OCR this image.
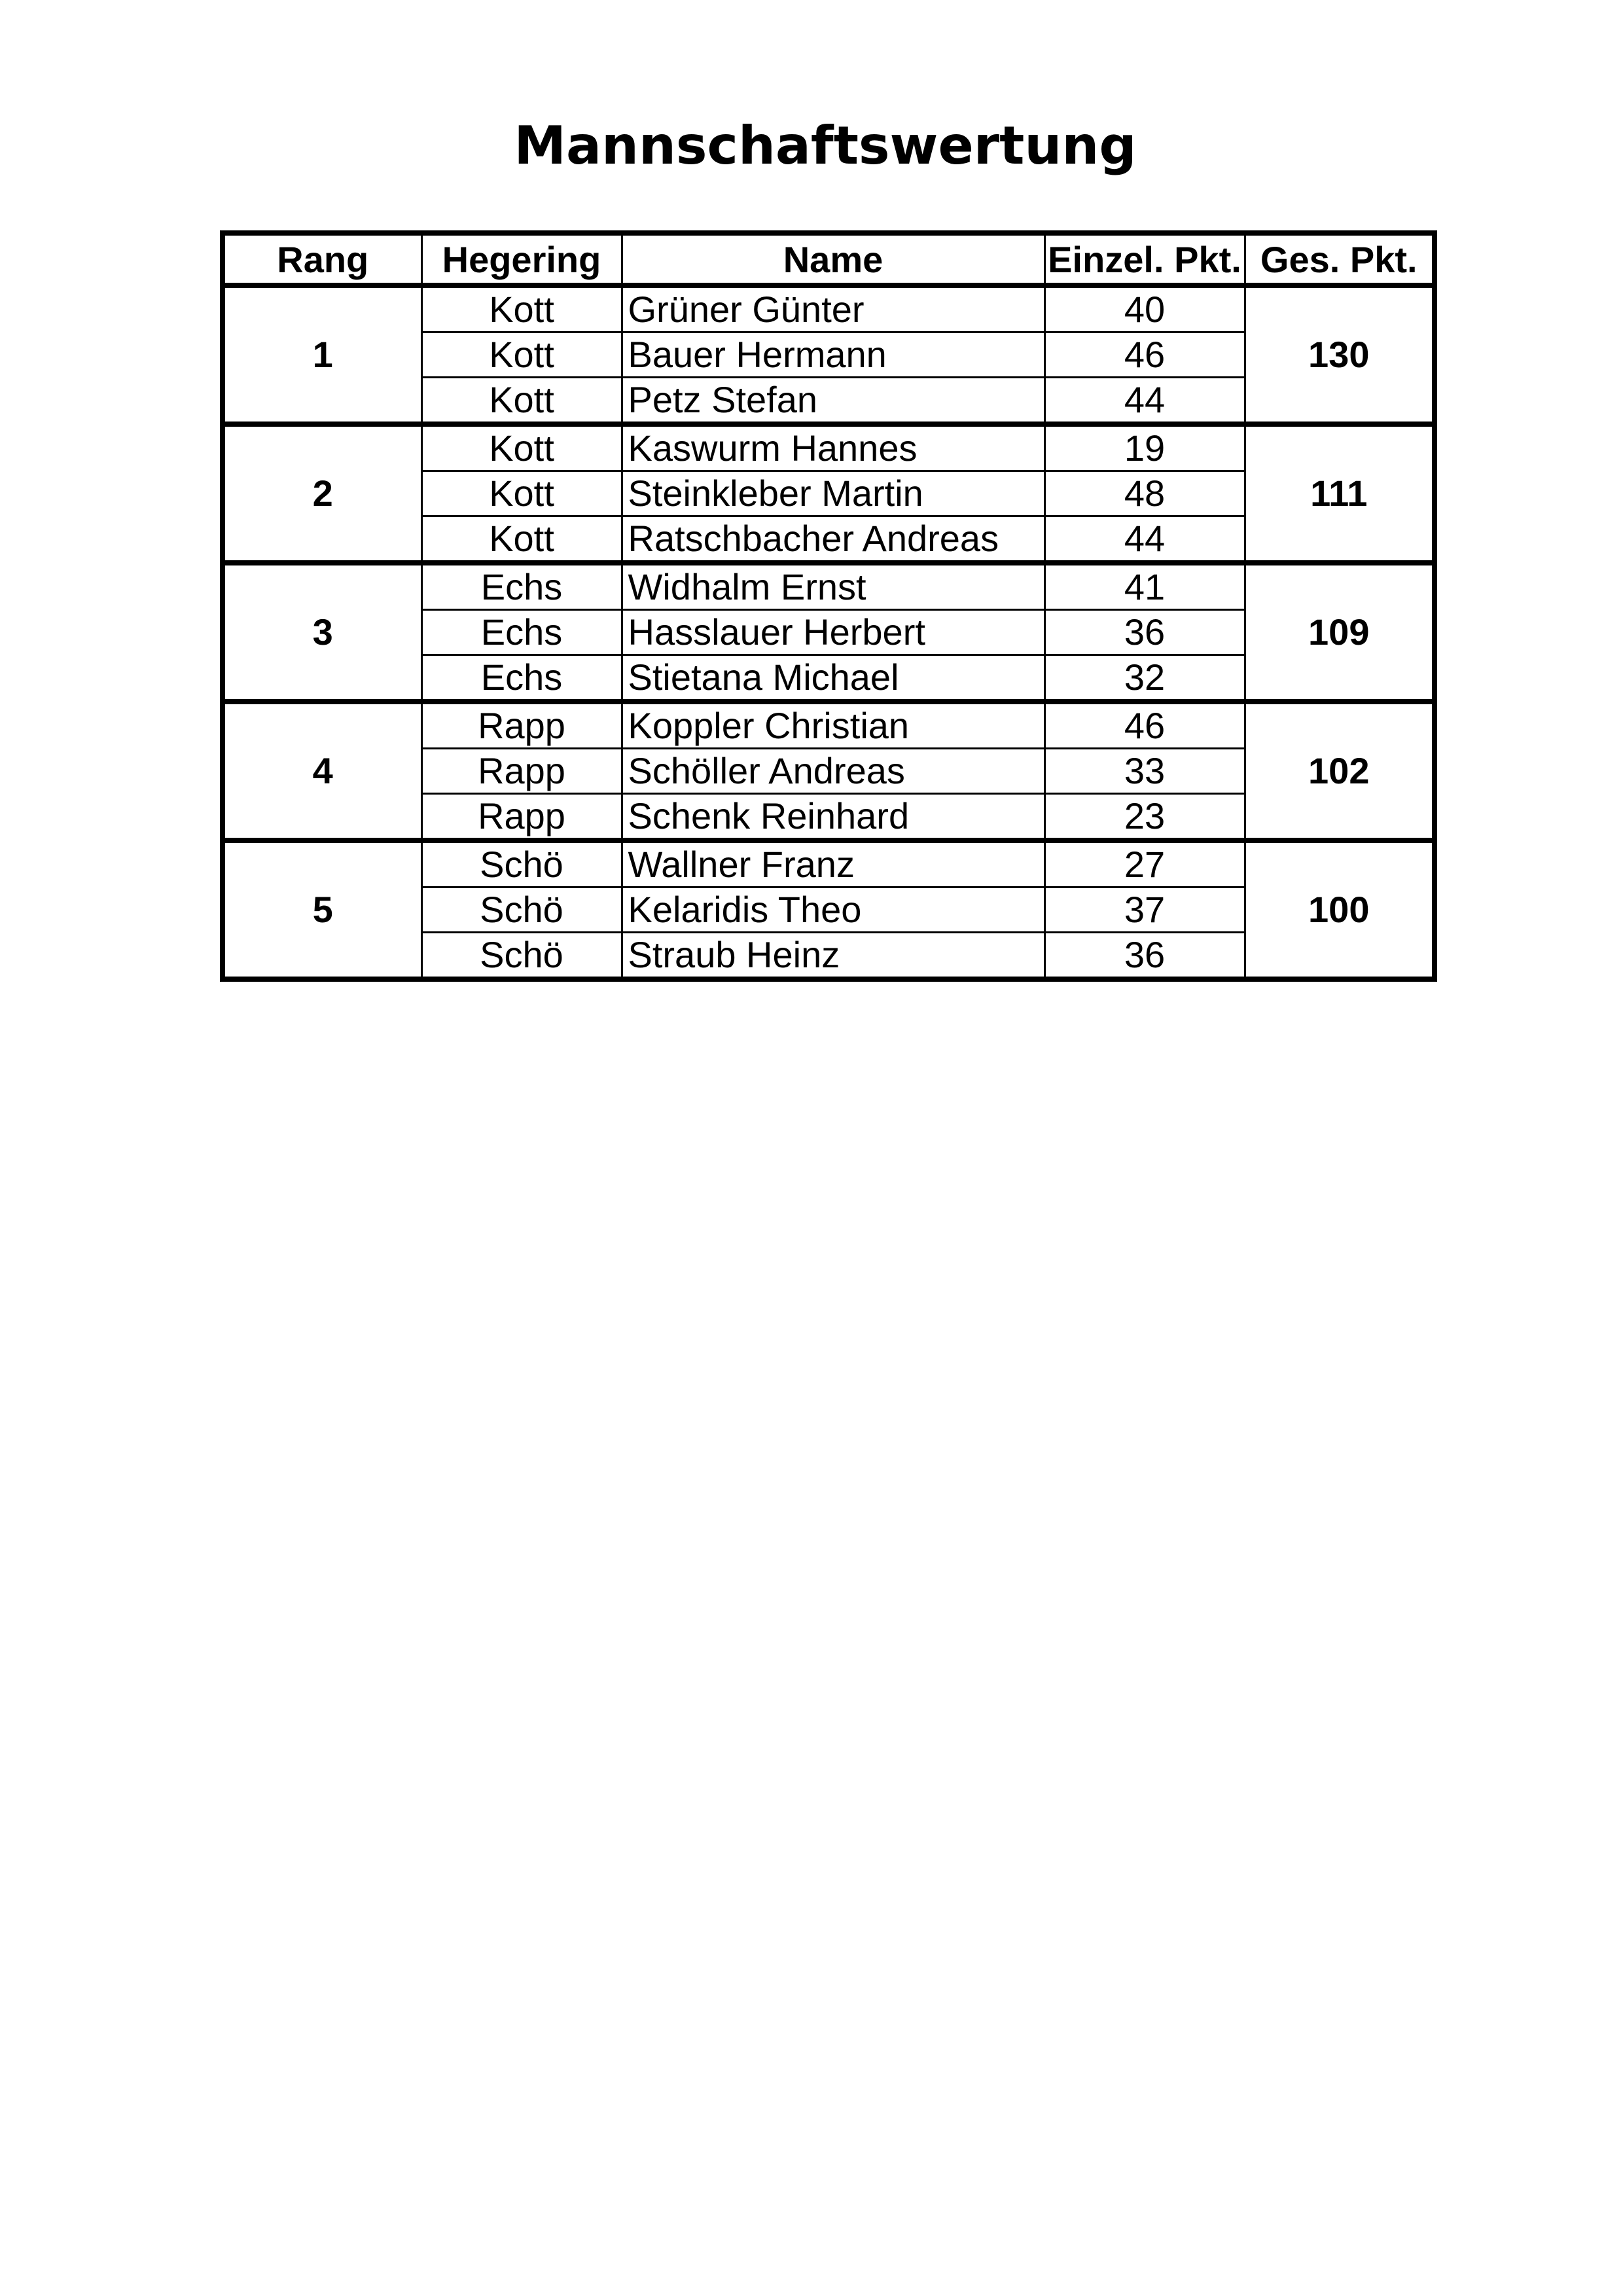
Mannschaftswertung
Rang	Hegering	Name	Einzel. Pkt.	Ges. Pkt.
1	Kott	Grüner Günter	40	130
	Kott	Bauer Hermann	46	
	Kott	Petz Stefan	44	
2	Kott	Kaswurm Hannes	19	111
	Kott	Steinkleber Martin	48	
	Kott	Ratschbacher Andreas	44	
3	Echs	Widhalm Ernst	41	109
	Echs	Hasslauer Herbert	36	
	Echs	Stietana Michael	32	
4	Rapp	Koppler Christian	46	102
	Rapp	Schöller Andreas	33	
	Rapp	Schenk Reinhard	23	
5	Schö	Wallner Franz	27	100
	Schö	Kelaridis Theo	37	
	Schö	Straub Heinz	36	
